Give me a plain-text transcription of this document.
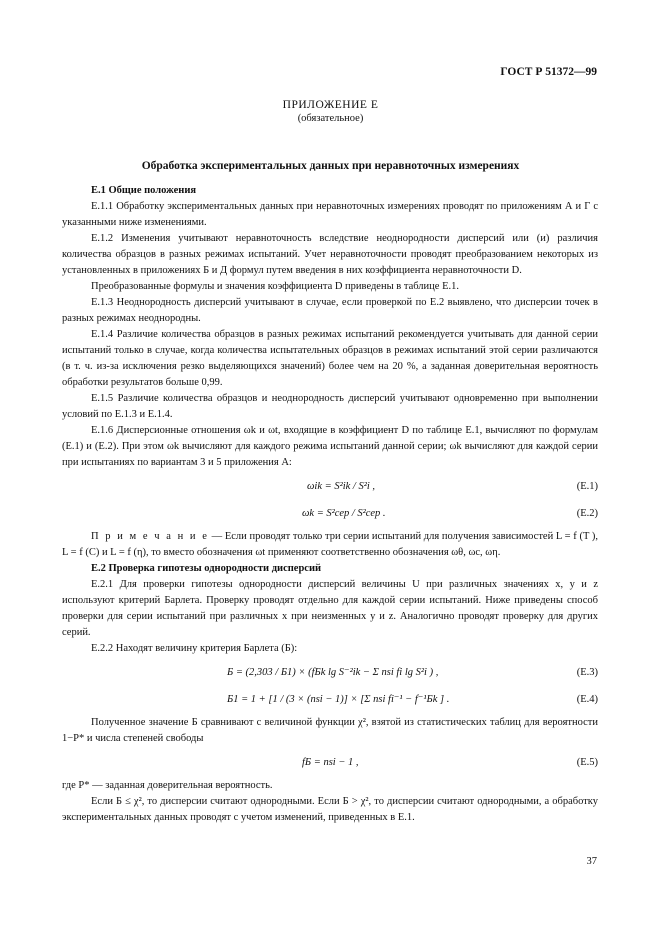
ГОСТ Р 51372—99
ПРИЛОЖЕНИЕ Е
(обязательное)
Обработка экспериментальных данных при неравноточных измерениях
Е.1 Общие положения

Е.1.1 Обработку экспериментальных данных при неравноточных измерениях проводят по приложениям А и Г с указанными ниже изменениями.

Е.1.2 Изменения учитывают неравноточность вследствие неоднородности дисперсий или (и) различия количества образцов в разных режимах испытаний. Учет неравноточности проводят преобразованием некоторых из установленных в приложениях Б и Д формул путем введения в них коэффициента неравноточности D.

Преобразованные формулы и значения коэффициента D приведены в таблице Е.1.

Е.1.3 Неоднородность дисперсий учитывают в случае, если проверкой по Е.2 выявлено, что дисперсии точек в разных режимах неоднородны.

Е.1.4 Различие количества образцов в разных режимах испытаний рекомендуется учитывать для данной серии испытаний только в случае, когда количества испытательных образцов в режимах испытаний этой серии различаются (в т. ч. из-за исключения резко выделяющихся значений) более чем на 20 %, а заданная доверительная вероятность обработки результатов больше 0,99.

Е.1.5 Различие количества образцов и неоднородность дисперсий учитывают одновременно при выполнении условий по Е.1.3 и Е.1.4.

Е.1.6 Дисперсионные отношения ωk и ωt, входящие в коэффициент D по таблице Е.1, вычисляют по формулам (Е.1) и (Е.2). При этом ωk вычисляют для каждого режима испытаний данной серии; ωk вычисляют для каждой серии при испытаниях по вариантам 3 и 5 приложения А:

ωik = S²ik / S²i ,	(Е.1)
ωk = S²сер / S²сер .	(Е.2)

П р и м е ч а н и е — Если проводят только три серии испытаний для получения зависимостей L = f (T ), L = f (C) и L = f (η), то вместо обозначения ωt применяют соответственно обозначения ωθ, ωc, ωη.

Е.2 Проверка гипотезы однородности дисперсий

Е.2.1 Для проверки гипотезы однородности дисперсий величины U при различных значениях x, y и z используют критерий Барлета. Проверку проводят отдельно для каждой серии испытаний. Ниже приведены способ проверки для серии испытаний при различных x при неизменных y и z. Аналогично проводят проверку для других серий.

Е.2.2 Находят величину критерия Барлета (Б):

Б = (2,303 / Б1) × (fБk lg S⁻²ik − Σ nsi fi lg S²i ) ,	(Е.3)
Б1 = 1 + [1 / (3 × (nsi − 1)] × [Σ nsi fi⁻¹ − f⁻¹Бk ] .	(Е.4)

Полученное значение Б сравнивают с величиной функции χ², взятой из статистических таблиц для вероятности 1−P* и числа степеней свободы

fБ = nsi − 1 ,	(Е.5)

где P* — заданная доверительная вероятность.

Если Б ≤ χ², то дисперсии считают однородными. Если Б > χ², то дисперсии считают однородными, а обработку экспериментальных данных проводят с учетом изменений, приведенных в Е.1.

37
